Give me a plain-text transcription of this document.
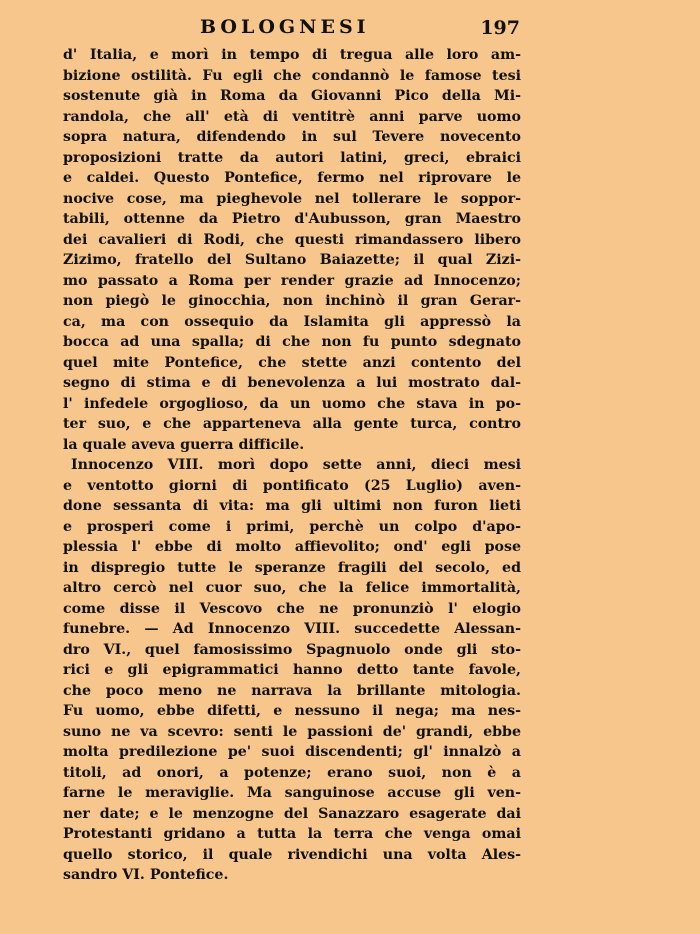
BOLOGNESI	197
d' Italia, e morì in tempo di tregua alle loro am-
bizione ostilità. Fu egli che condannò le famose tesi
sostenute già in Roma da Giovanni Pico della Mi-
randola, che all' età di ventitrè anni parve uomo
sopra natura, difendendo in sul Tevere novecento
proposizioni tratte da autori latini, greci, ebraici
e caldei. Questo Pontefice, fermo nel riprovare le
nocive cose, ma pieghevole nel tollerare le soppor-
tabili, ottenne da Pietro d'Aubusson, gran Maestro
dei cavalieri di Rodi, che questi rimandassero libero
Zizimo, fratello del Sultano Baiazette; il qual Zizi-
mo passato a Roma per render grazie ad Innocenzo;
non piegò le ginocchia, non inchinò il gran Gerar-
ca, ma con ossequio da Islamita gli appressò la
bocca ad una spalla; di che non fu punto sdegnato
quel mite Pontefice, che stette anzi contento del
segno di stima e di benevolenza a lui mostrato dal-
l' infedele orgoglioso, da un uomo che stava in po-
ter suo, e che apparteneva alla gente turca, contro
la quale aveva guerra difficile.
Innocenzo VIII. morì dopo sette anni, dieci mesi
e ventotto giorni di pontificato (25 Luglio) aven-
done sessanta di vita: ma gli ultimi non furon lieti
e prosperi come i primi, perchè un colpo d'apo-
plessia l' ebbe di molto affievolito; ond' egli pose
in dispregio tutte le speranze fragili del secolo, ed
altro cercò nel cuor suo, che la felice immortalità,
come disse il Vescovo che ne pronunziò l' elogio
funebre. — Ad Innocenzo VIII. succedette Alessan-
dro VI., quel famosissimo Spagnuolo onde gli sto-
rici e gli epigrammatici hanno detto tante favole,
che poco meno ne narrava la brillante mitologia.
Fu uomo, ebbe difetti, e nessuno il nega; ma nes-
suno ne va scevro: senti le passioni de' grandi, ebbe
molta predilezione pe' suoi discendenti; gl' innalzò a
titoli, ad onori, a potenze; erano suoi, non è a
farne le meraviglie. Ma sanguinose accuse gli ven-
ner date; e le menzogne del Sanazzaro esagerate dai
Protestanti gridano a tutta la terra che venga omai
quello storico, il quale rivendichi una volta Ales-
sandro VI. Pontefice.
